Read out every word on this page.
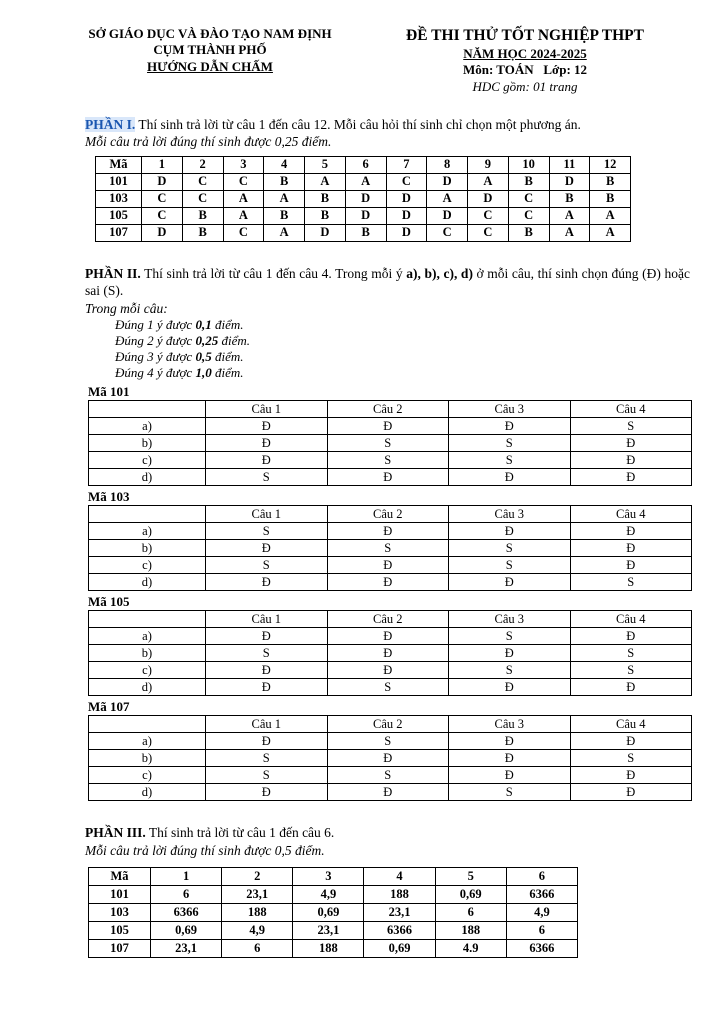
SỞ GIÁO DỤC VÀ ĐÀO TẠO NAM ĐỊNH
CỤM THÀNH PHỐ
HƯỚNG DẪN CHẤM
ĐỀ THI THỬ TỐT NGHIỆP THPT
NĂM HỌC 2024-2025
Môn: TOÁN   Lớp: 12
HDC gồm: 01 trang

PHẦN I. Thí sinh trả lời từ câu 1 đến câu 12. Mỗi câu hỏi thí sinh chỉ chọn một phương án.

Mỗi câu trả lời đúng thí sinh được 0,25 điểm.

Mã	1	2	3	4	5	6	7	8	9	10	11	12
101	D	C	C	B	A	A	C	D	A	B	D	B
103	C	C	A	A	B	D	D	A	D	C	B	B
105	C	B	A	B	B	D	D	D	C	C	A	A
107	D	B	C	A	D	B	D	C	C	B	A	A

PHẦN II. Thí sinh trả lời từ câu 1 đến câu 4. Trong mỗi ý a), b), c), d) ở mỗi câu, thí sinh chọn đúng (Đ) hoặc sai (S).

Trong mỗi câu:

Đúng 1 ý được 0,1 điểm.
Đúng 2 ý được 0,25 điểm.
Đúng 3 ý được 0,5 điểm.
Đúng 4 ý được 1,0 điểm.
Mã 101
	Câu 1	Câu 2	Câu 3	Câu 4
a)	Đ	Đ	Đ	S
b)	Đ	S	S	Đ
c)	Đ	S	S	Đ
d)	S	Đ	Đ	Đ
Mã 103
	Câu 1	Câu 2	Câu 3	Câu 4
a)	S	Đ	Đ	Đ
b)	Đ	S	S	Đ
c)	S	Đ	S	Đ
d)	Đ	Đ	Đ	S
Mã 105
	Câu 1	Câu 2	Câu 3	Câu 4
a)	Đ	Đ	S	Đ
b)	S	Đ	Đ	S
c)	Đ	Đ	S	S
d)	Đ	S	Đ	Đ
Mã 107
	Câu 1	Câu 2	Câu 3	Câu 4
a)	Đ	S	Đ	Đ
b)	S	Đ	Đ	S
c)	S	S	Đ	Đ
d)	Đ	Đ	S	Đ

PHẦN III. Thí sinh trả lời từ câu 1 đến câu 6.

Mỗi câu trả lời đúng thí sinh được 0,5 điểm.

Mã	1	2	3	4	5	6
101	6	23,1	4,9	188	0,69	6366
103	6366	188	0,69	23,1	6	4,9
105	0,69	4,9	23,1	6366	188	6
107	23,1	6	188	0,69	4.9	6366
